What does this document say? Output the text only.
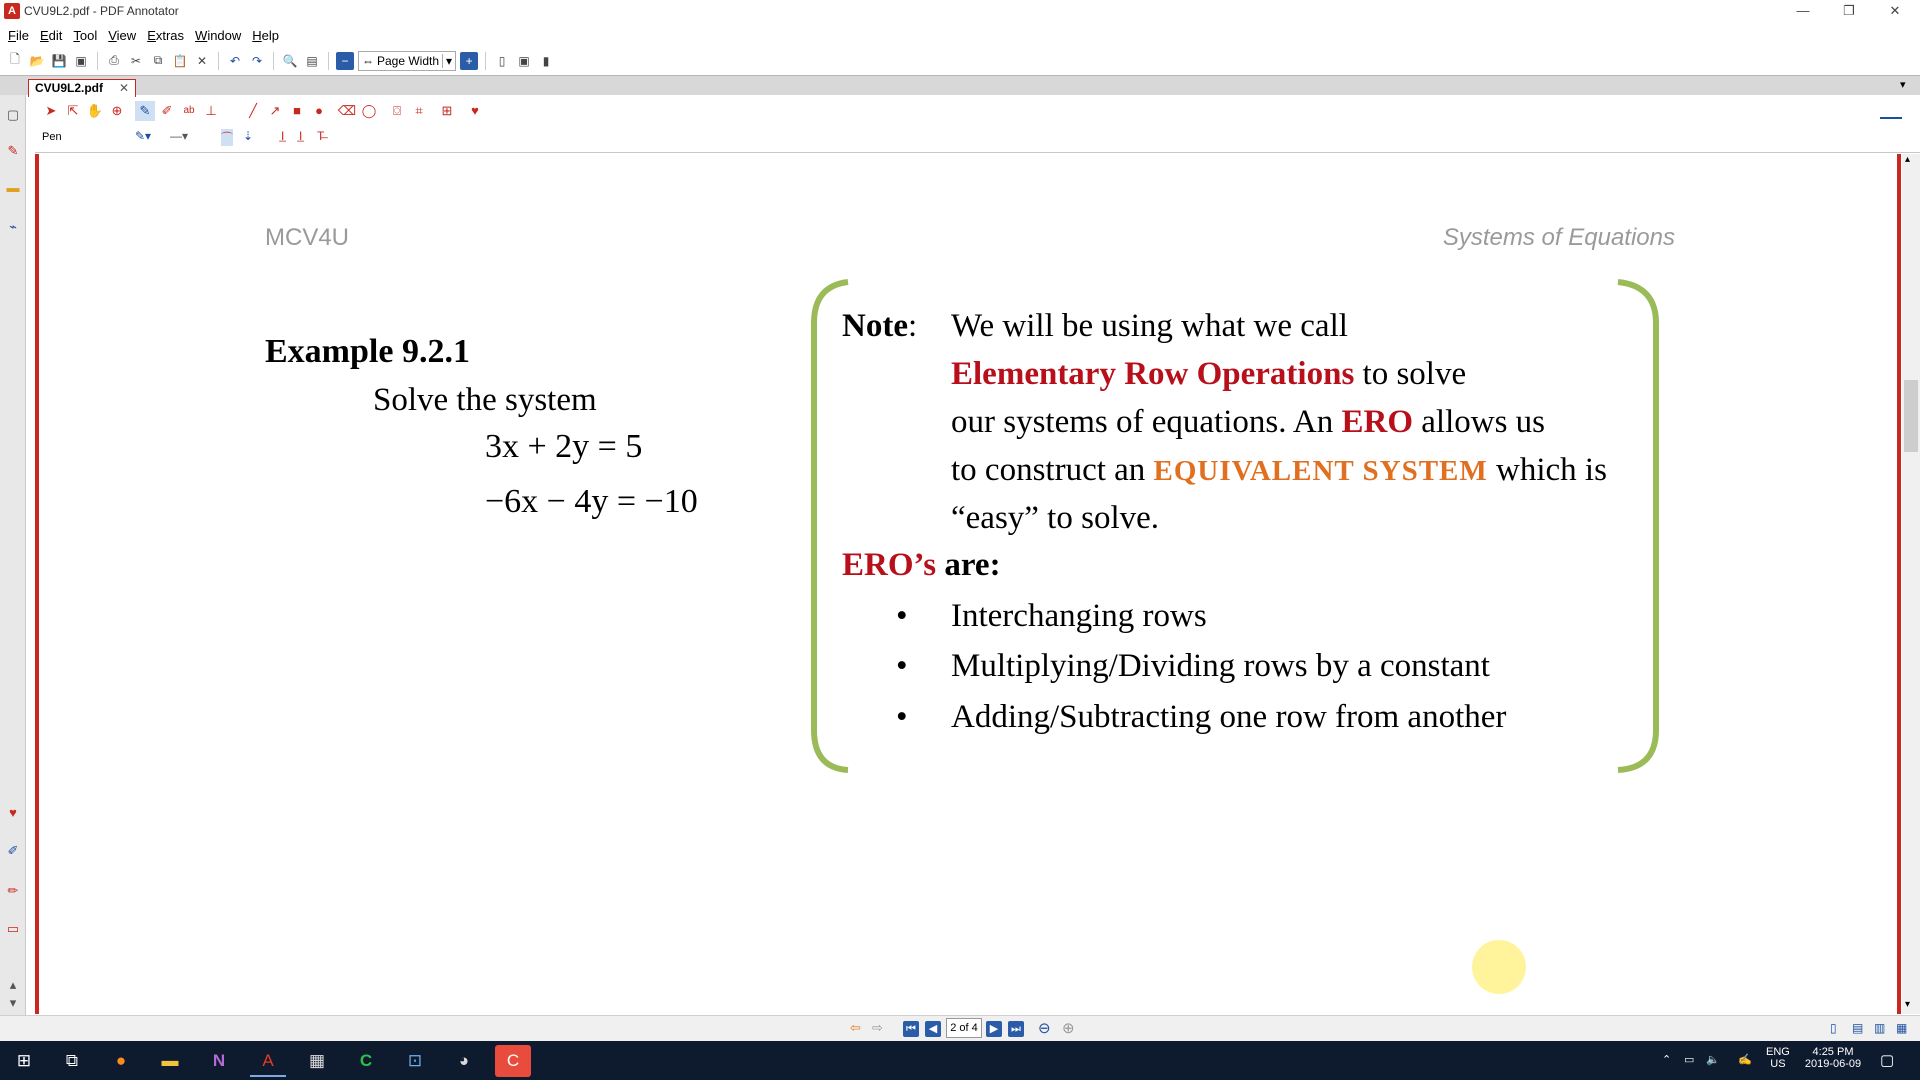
A CVU9L2.pdf - PDF Annotator	—	❐	✕
File Edit Tool View Extras Window Help
🗋 📂 💾 ▣	⎙	✂	⧉ 📋 ✕	↶ ↷	🔍 ▤	−	⇔ Page Width ▾	+	▯	▣	▮
CVU9L2.pdf ✕	▾
▢
✎
▬
⌁
♥
✐
✏
▭
▴
▾
➤ ⇱ ✋ ⊕	✎ ✐	ab ⊥	╱ ↗ ■	●	⌫ ◯	⌼	⌗	⊞	♥
Pen	✎▾ —▾	⌒ ⇣ I̲ I̲ T̶
▴
▾
MCV4U	Systems of Equations
Example 9.2.1
Solve the system
3x + 2y = 5
−6x − 4y = −10
Note: We will be using what we call
Elementary Row Operations to solve
our systems of equations. An ERO allows us
to construct an EQUIVALENT SYSTEM which is
“easy” to solve.
ERO’s are:
• Interchanging rows
• Multiplying/Dividing rows by a constant
• Adding/Subtracting one row from another
⇦ ⇨ ⏮	◀	▶	⏭ ⊖ ⊕	▯ ▤ ▥ ▦
2 of 4
⊞	⧉	●	▬	N	A	▦	C	⊡	◕	C	⌃ ▭ 🔈 ✍
ENG
US
4:25 PM
2019-06-09	▢
